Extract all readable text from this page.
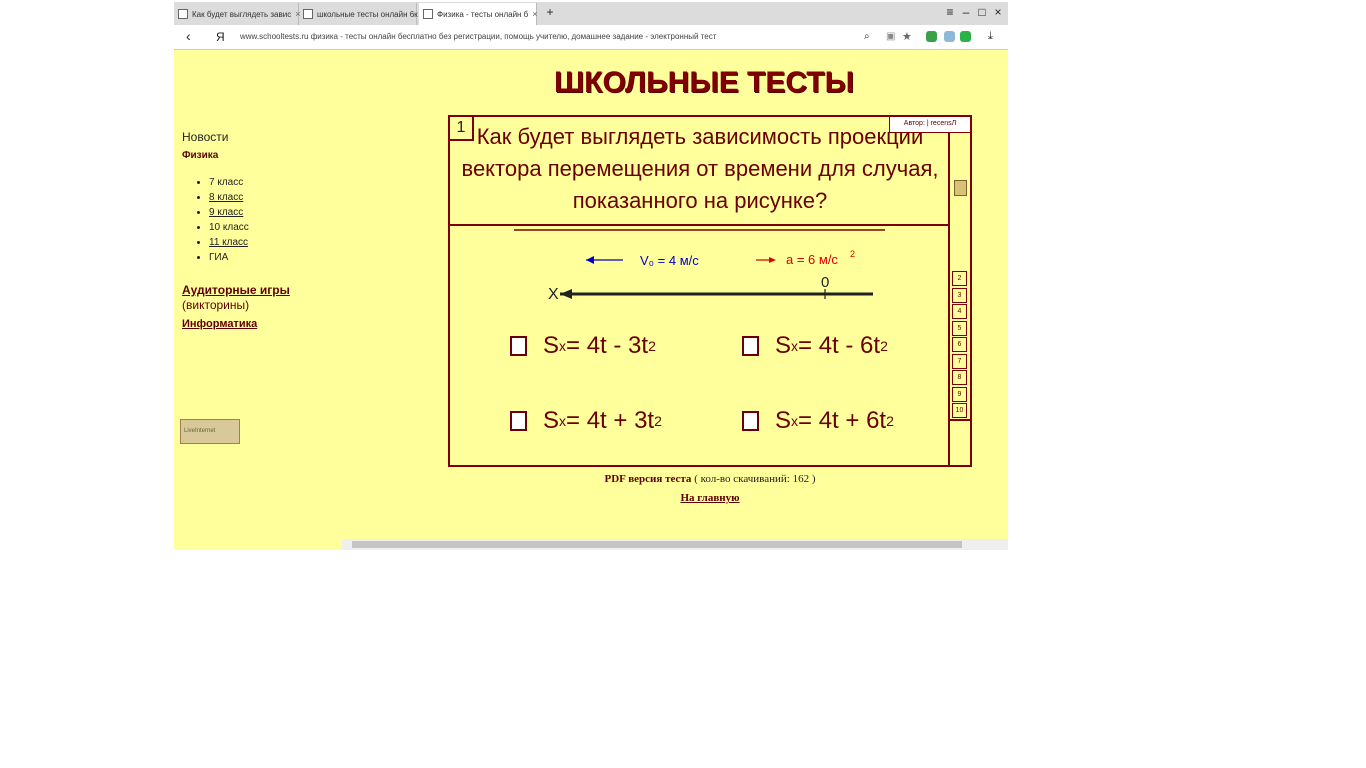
Как будет выглядеть завис ×	школьные тесты онлайн 6к Физика - тесты онлайн б × +	≡ – □ ×
‹ Я www.schooltests.ru физика - тесты онлайн бесплатно без регистрации, помощь учителю, домашнее задание - электронный тест	⌕ ▣ ★	⤓
ШКОЛЬНЫЕ ТЕСТЫ
Новости
Физика
• 7 класс
• 8 класс
• 9 класс
• 10 класс
• 11 класс
• ГИА
Аудиторные игры
(викторины)
Информатика
LiveInternet
1	Автор: | recensЛ
Как будет выглядеть зависимость проекции вектора перемещения от времени для случая, показанного на рисунке?
2
3
4
5
6
7
8
9
10
V₀ = 4 м/с	a = 6 м/с 2
X
0
S x = 4t - 3t 2	S x = 4t - 6t 2
S x = 4t + 3t 2	S x = 4t + 6t 2
PDF версия теста ( кол-во скачиваний: 162 )
На главную
